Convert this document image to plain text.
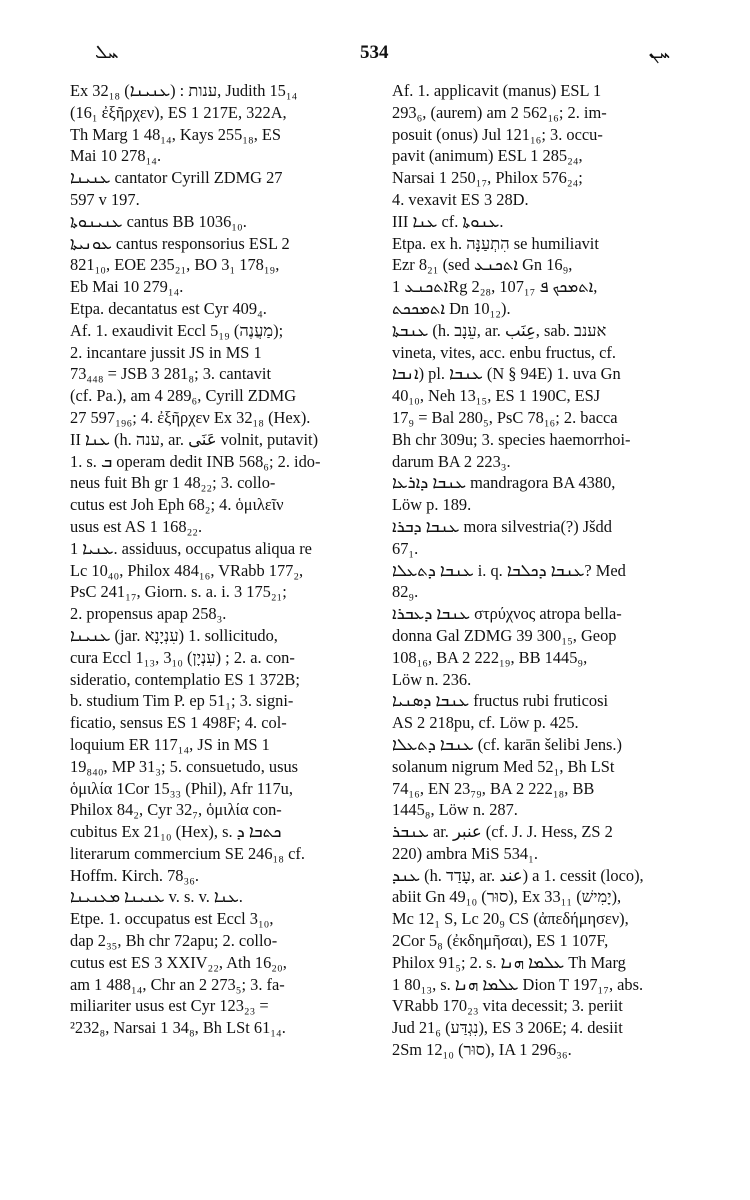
ܚܠ	534	ܚܢ
Ex 32₁₈ ענות : (ܥܢܝܢܐ), Judith 15₁₄
(16₁ ἐξῆρχεν), ES 1 217E, 322A,
Th Marg 1 48₁₄, Kays 255₁₈, ES
Mai 10 278₁₄.
ܥܢܝܢܐ cantator Cyrill ZDMG 27
597 v 197.
ܥܢܝܢܘܬܐ cantus BB 1036₁₀.
ܥܘܢܝܬܐ cantus responsorius ESL 2
821₁₀, EOE 235₂₁, BO 3₁ 178₁₉,
Eb Mai 10 279₁₄.
Etpa. decantatus est Cyr 409₄.
Af. 1. exaudivit Eccl 5₁₉ (מַעֲנֶה);
2. incantare jussit JS in MS 1
73₄₄₈ = JSB 3 281₈; 3. cantavit
(cf. Pa.), am 4 289₆, Cyrill ZDMG
27 597₁₉₆; 4. ἐξῆρχεν Ex 32₁₈ (Hex).
II ܥܢܐ (h. ענה, ar. عَنَى volnit, putavit)
1. s. ܒ operam dedit INB 568₆; 2. ido-
neus fuit Bh gr 1 48₂₂; 3. collo-
cutus est Joh Eph 68₂; 4. ὁμιλεῖν
usus est AS 1 168₂₂.
ܥܢܝܐ 1. assiduus, occupatus aliqua re
Lc 10₄₀, Philox 484₁₆, VRabb 177₂,
PsC 241₁₇, Giorn. s. a. i. 3 175₂₁;
2. propensus apap 258₃.
ܥܢܝܢܐ (jar. עִנְיָנָא) 1. sollicitudo,
cura Eccl 1₁₃, 3₁₀ (עִנְיָן) ; 2. a. con-
sideratio, contemplatio ES 1 372B;
b. studium Tim P. ep 51₁; 3. signi-
ficatio, sensus ES 1 498F; 4. col-
loquium ER 117₁₄, JS in MS 1
19₈₄₀, MP 31₃; 5. consuetudo, usus
ὁμιλία 1Cor 15₃₃ (Phil), Afr 117u,
Philox 84₂, Cyr 32₇, ὁμιλία con-
cubitus Ex 21₁₀ (Hex), s. ܟܬܒܐ ܕ
literarum commercium SE 246₁₈ cf.
Hoffm. Kirch. 78₃₆.
ܥܢܝܢܐ ܡܥܢܝܢܐ v. s. v. ܥܢܐ.
Etpe. 1. occupatus est Eccl 3₁₀,
dap 2₃₅, Bh chr 72apu; 2. collo-
cutus est ES 3 XXIV₂₂, Ath 16₂₀,
am 1 488₁₄, Chr an 2 273₅; 3. fa-
miliariter usus est Cyr 123₂₃ =
²232₈, Narsai 1 34₈, Bh LSt 61₁₄.
Af. 1. applicavit (manus) ESL 1
293₆, (aurem) am 2 562₁₆; 2. im-
posuit (onus) Jul 121₁₆; 3. occu-
pavit (animum) ESL 1 285₂₄,
Narsai 1 250₁₇, Philox 576₂₄;
4. vexavit ES 3 28D.
III ܥܢܐ cf. ܥܢܘܬܐ.
Etpa. ex h. הִתְעַנָּה se humiliavit
Ezr 8₂₁ (sed ܐܬܟܢܥ Gn 16₉,
ܐܬܟܢܥ 1Rg 2₂₈, ܐܬܡܟܟ ܦ 107₁₇,
ܐܬܡܟܟܬ Dn 10₁₂).
ܥܢܒܬܐ (h. עֵנָב, ar. عِنَب, sab. אענב
vineta, vites, acc. enbu fructus, cf.
ܐܢܒܐ) pl. ܥܢܒܐ (N § 94E) 1. uva Gn
40₁₀, Neh 13₁₅, ES 1 190C, ESJ
17₉ = Bal 280₅, PsC 78₁₆; 2. bacca
Bh chr 309u; 3. species haemorrhoi-
darum BA 2 223₃.
ܥܢܒܐ ܕܐܪܥܐ mandragora BA 4380,
Löw p. 189.
ܥܢܒܐ ܕܒܪܐ mora silvestria(?) Jšdd
67₁.
ܥܢܒܐ ܕܬܥܠܐ i. q. ܥܢܒܐ ܕܟܠܒܐ? Med
82₉.
ܥܢܒܐ ܕܥܒܪܐ στρύχνος atropa bella-
donna Gal ZDMG 39 300₁₅, Geop
108₁₆, BA 2 222₁₉, BB 1445₉,
Löw n. 236.
ܥܢܒܐ ܕܣܢܝܐ fructus rubi fruticosi
AS 2 218pu, cf. Löw p. 425.
ܥܢܒܐ ܕܬܥܠܐ (cf. karān šelibi Jens.)
solanum nigrum Med 52₁, Bh LSt
74₁₆, EN 23₇₉, BA 2 222₁₈, BB
1445₈, Löw n. 287.
ܥܢܒܪ ar. عنبر (cf. J. J. Hess, ZS 2
220) ambra MiS 534₁.
ܥܢܕ (h. עָדַד, ar. عند) a 1. cessit (loco),
abiit Gn 49₁₀ (סוּר), Ex 33₁₁ (יָמִישׁ),
Mc 12₁ S, Lc 20₉ CS (ἀπεδήμησεν),
2Cor 5₈ (ἐκδημῆσαι), ES 1 107F,
Philox 91₅; 2. s. ܥܠܡܐ ܗܢܐ Th Marg
1 80₁₃, s. ܥܠܡܐ ܗܢܐ Dion T 197₁₇, abs.
VRabb 170₂₃ vita decessit; 3. periit
Jud 21₆ (נִגְדַּע), ES 3 206E; 4. desiit
2Sm 12₁₀ (סוּר), IA 1 296₃₆.
